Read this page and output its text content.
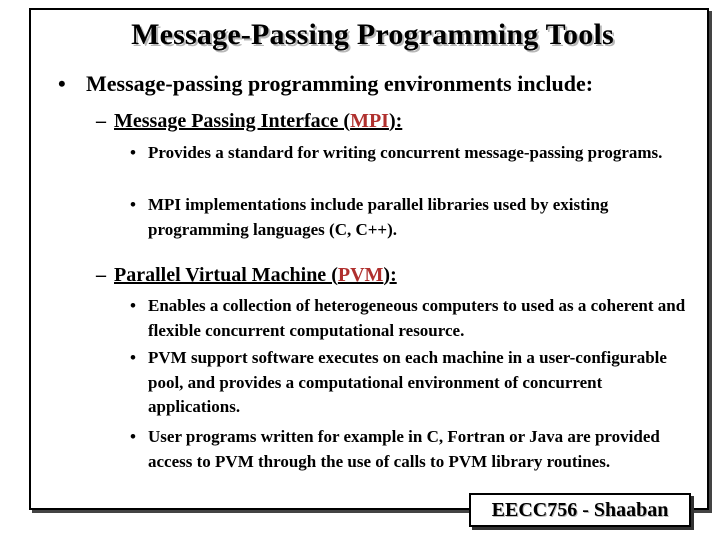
Message-Passing Programming Tools
• Message-passing programming environments include:
– Message Passing Interface (MPI):
• Provides a standard for writing concurrent message-passing programs.
• MPI implementations include parallel libraries used by existing programming languages (C, C++).
– Parallel Virtual Machine (PVM):
• Enables a collection of heterogeneous computers to used as a coherent and flexible concurrent computational resource.
• PVM support software executes on each machine in a user-configurable pool, and provides a computational environment of concurrent applications.
• User programs written for example in C, Fortran or Java are provided access to PVM through the use of calls to PVM library routines.
EECC756 - Shaaban
